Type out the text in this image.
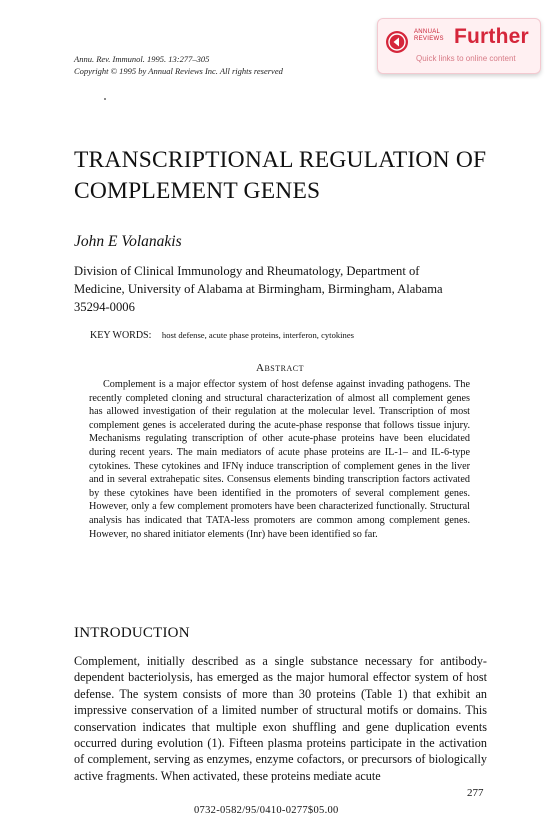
ANNUAL
REVIEWS Further
Quick links to online content
Annu. Rev. Immunol. 1995. 13:277–305
Copyright © 1995 by Annual Reviews Inc. All rights reserved
TRANSCRIPTIONAL REGULATION OF
COMPLEMENT GENES
John E Volanakis
Division of Clinical Immunology and Rheumatology, Department of
Medicine, University of Alabama at Birmingham, Birmingham, Alabama
35294-0006
KEY WORDS: host defense, acute phase proteins, interferon, cytokines
Abstract

Complement is a major effector system of host defense against invading pathogens. The recently completed cloning and structural characterization of almost all complement genes has allowed investigation of their regulation at the molecular level. Transcription of most complement genes is accelerated during the acute-phase response that follows tissue injury. Mechanisms regulating transcription of other acute-phase proteins have been elucidated during recent years. The main mediators of acute phase proteins are IL-1– and IL-6-type cytokines. These cytokines and IFNγ induce transcription of complement genes in the liver and in several extrahepatic sites. Consensus elements binding transcription factors activated by these cytokines have been identified in the promoters of several complement genes. However, only a few complement promoters have been characterized functionally. Structural analysis has indicated that TATA-less promoters are common among complement genes. However, no shared initiator elements (Inr) have been identified so far.

INTRODUCTION

Complement, initially described as a single substance necessary for antibody-dependent bacteriolysis, has emerged as the major humoral effector system of host defense. The system consists of more than 30 proteins (Table 1) that exhibit an impressive conservation of a limited number of structural motifs or domains. This conservation indicates that multiple exon shuffling and gene duplication events occurred during evolution (1). Fifteen plasma proteins participate in the activation of complement, serving as enzymes, enzyme cofactors, or precursors of biologically active fragments. When activated, these proteins mediate acute

277
0732-0582/95/0410-0277$05.00
